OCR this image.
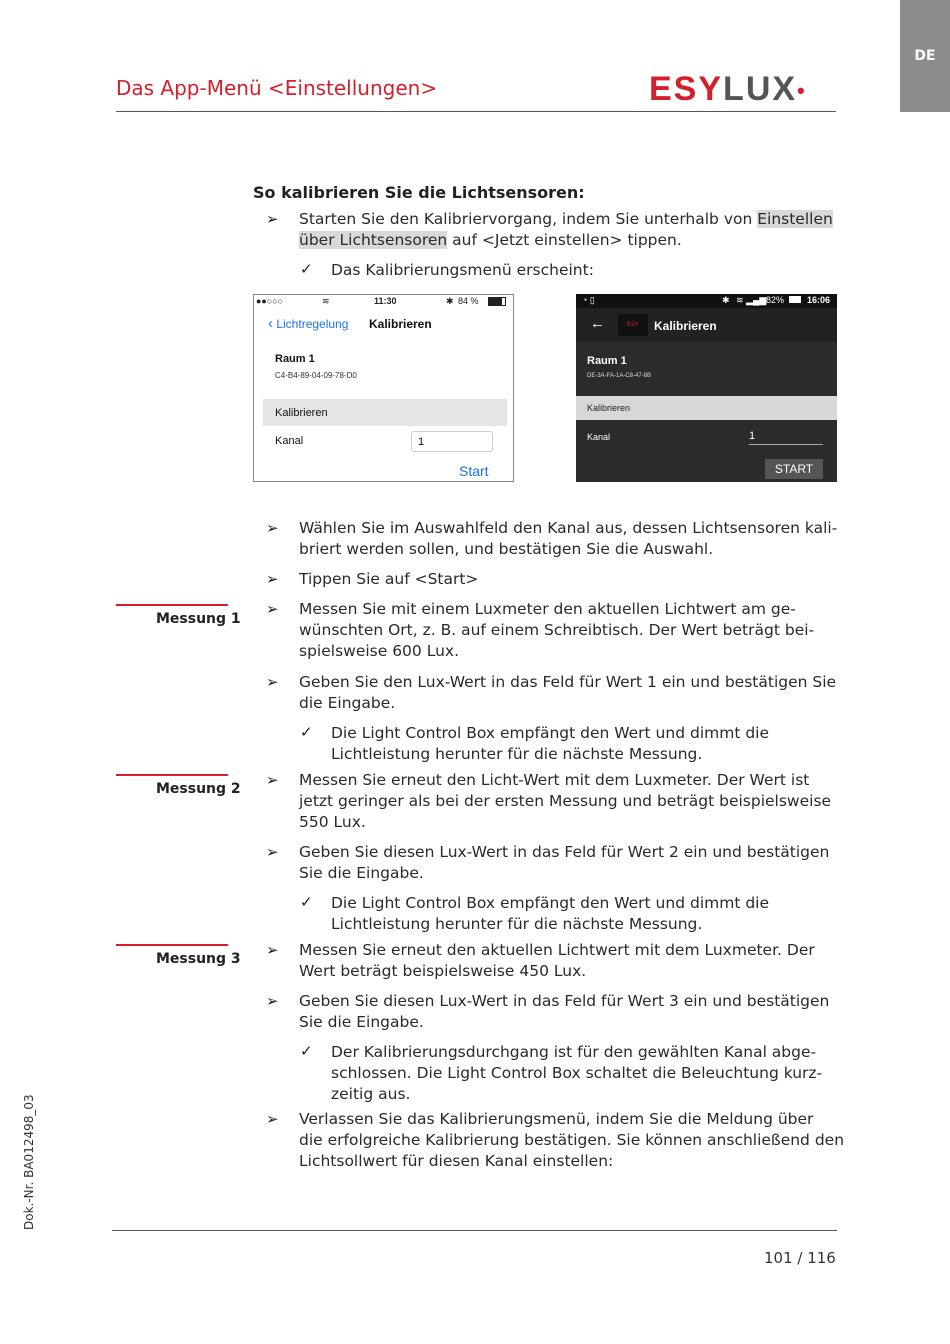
DE
Das App-Menü <Einstellungen>	ESYLUX•
So kalibrieren Sie die Lichtsensoren:
➢ Starten Sie den Kalibriervorgang, indem Sie unterhalb von Einstellen
über Lichtsensoren auf <Jetzt einstellen> tippen.
✓ Das Kalibrierungsmenü erscheint:
●●○○○	≋	11:30	✱ 84 %
‹ Lichtregelung Kalibrieren
Raum 1
C4-B4-89-04-09-78-D0
Kalibrieren
Kanal	1
Start
◔ ▯	✱ ≋ ▂▄▆ 82%	16:06
←	ESY	Kalibrieren
Raum 1
DE-3A-FA-1A-C8-47-8B
Kalibrieren
Kanal	1
START
➢ Wählen Sie im Auswahlfeld den Kanal aus, dessen Lichtsensoren kali-
briert werden sollen, und bestätigen Sie die Auswahl.
➢ Tippen Sie auf <Start>
Messung 1
➢ Messen Sie mit einem Luxmeter den aktuellen Lichtwert am ge-
wünschten Ort, z. B. auf einem Schreibtisch. Der Wert beträgt bei-
spielsweise 600 Lux.
➢ Geben Sie den Lux-Wert in das Feld für Wert 1 ein und bestätigen Sie
die Eingabe.
✓ Die Light Control Box empfängt den Wert und dimmt die
Lichtleistung herunter für die nächste Messung.
Messung 2 ➢ Messen Sie erneut den Licht-Wert mit dem Luxmeter. Der Wert ist
jetzt geringer als bei der ersten Messung und beträgt beispielsweise
550 Lux.
➢ Geben Sie diesen Lux-Wert in das Feld für Wert 2 ein und bestätigen
Sie die Eingabe.
✓ Die Light Control Box empfängt den Wert und dimmt die
Lichtleistung herunter für die nächste Messung.
Messung 3 ➢ Messen Sie erneut den aktuellen Lichtwert mit dem Luxmeter. Der
Wert beträgt beispielsweise 450 Lux.
➢ Geben Sie diesen Lux-Wert in das Feld für Wert 3 ein und bestätigen
Sie die Eingabe.
✓ Der Kalibrierungsdurchgang ist für den gewählten Kanal abge-
schlossen. Die Light Control Box schaltet die Beleuchtung kurz-
zeitig aus.
➢ Verlassen Sie das Kalibrierungsmenü, indem Sie die Meldung über
die erfolgreiche Kalibrierung bestätigen. Sie können anschließend den
Lichtsollwert für diesen Kanal einstellen:
101 / 116
Dok.-Nr. BA012498_03
